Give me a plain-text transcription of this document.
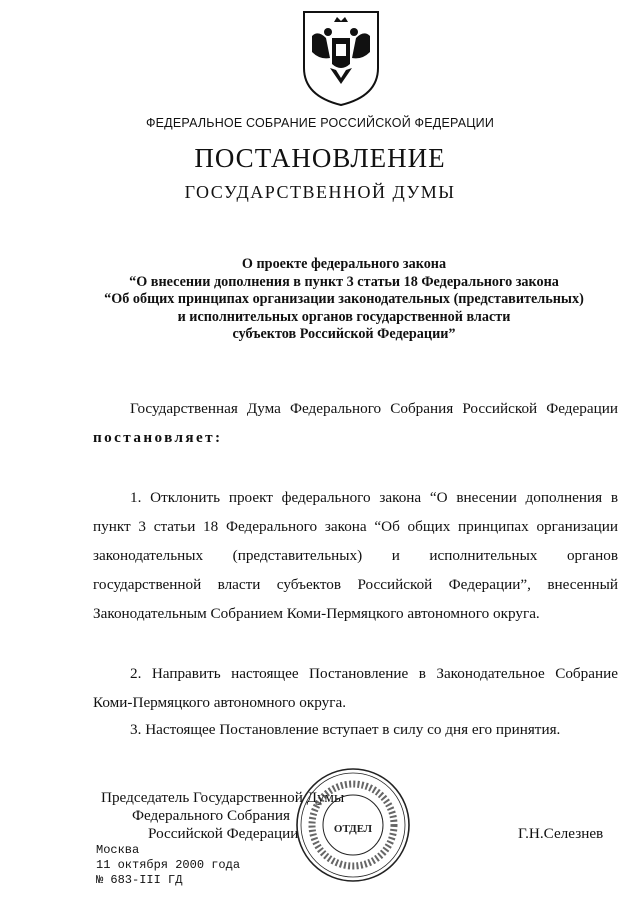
ФЕДЕРАЛЬНОЕ СОБРАНИЕ РОССИЙСКОЙ ФЕДЕРАЦИИ
ПОСТАНОВЛЕНИЕ
ГОСУДАРСТВЕННОЙ ДУМЫ
О проекте федерального закона
“О внесении дополнения в пункт 3 статьи 18 Федерального закона
“Об общих принципах организации законодательных (представительных)
и исполнительных органов государственной власти
субъектов Российской Федерации”
Государственная Дума Федерального Собрания Российской Федерации постановляет:
1. Отклонить проект федерального закона “О внесении дополнения в пункт 3 статьи 18 Федерального закона “Об общих принципах организации законодательных (представительных) и исполнительных органов государственной власти субъектов Российской Федерации”, внесенный Законодательным Собранием Коми-Пермяцкого автономного округа.
2. Направить настоящее Постановление в Законодательное Собрание Коми-Пермяцкого автономного округа.
3. Настоящее Постановление вступает в силу со дня его принятия.
Председатель Государственной Думы
Федерального Собрания
Российской Федерации	Г.Н.Селезнев
Москва
11 октября 2000 года
№ 683-III ГД
ОТДЕЛ
